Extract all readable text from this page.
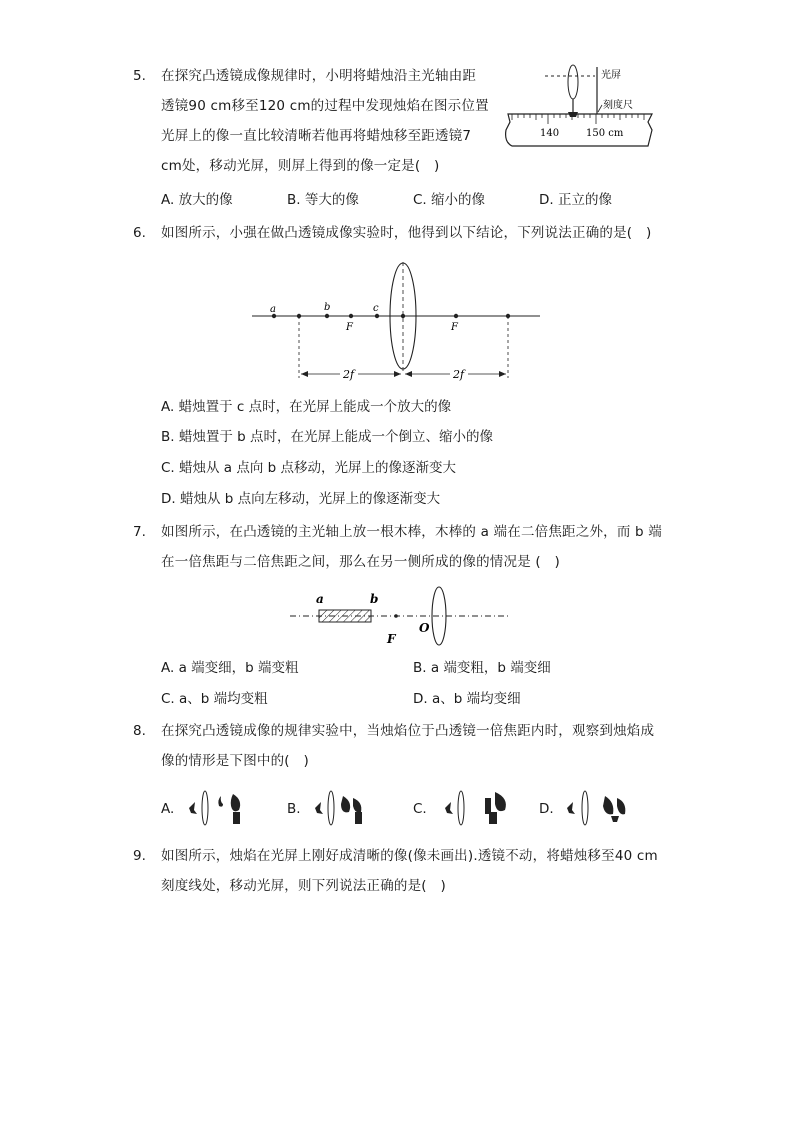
5. 在探究凸透镜成像规律时，小明将蜡烛沿主光轴由距
透镜90 cm移至120 cm的过程中发现烛焰在图示位置
光屏上的像一直比较清晰若他再将蜡烛移至距透镜7
cm处，移动光屏，则屏上得到的像一定是(　)
光屏
刻度尺
140	150 cm
A. 放大的像	B. 等大的像	C. 缩小的像	D. 正立的像
6. 如图所示，小强在做凸透镜成像实验时，他得到以下结论，下列说法正确的是(　)
a	b	c
F	F
2f	2f
A. 蜡烛置于 c 点时，在光屏上能成一个放大的像
B. 蜡烛置于 b 点时，在光屏上能成一个倒立、缩小的像
C. 蜡烛从 a 点向 b 点移动，光屏上的像逐渐变大
D. 蜡烛从 b 点向左移动，光屏上的像逐渐变大
7. 如图所示，在凸透镜的主光轴上放一根木棒，木棒的 a 端在二倍焦距之外，而 b 端
在一倍焦距与二倍焦距之间，那么在另一侧所成的像的情况是 (　)
a	b
F
O
A. a 端变细，b 端变粗	B. a 端变粗，b 端变细
C. a、b 端均变粗	D. a、b 端均变细
8. 在探究凸透镜成像的规律实验中，当烛焰位于凸透镜一倍焦距内时，观察到烛焰成
像的情形是下图中的(　)
A.	B.	C.	D.
9. 如图所示，烛焰在光屏上刚好成清晰的像(像未画出).透镜不动，将蜡烛移至40 cm
刻度线处，移动光屏，则下列说法正确的是(　)
